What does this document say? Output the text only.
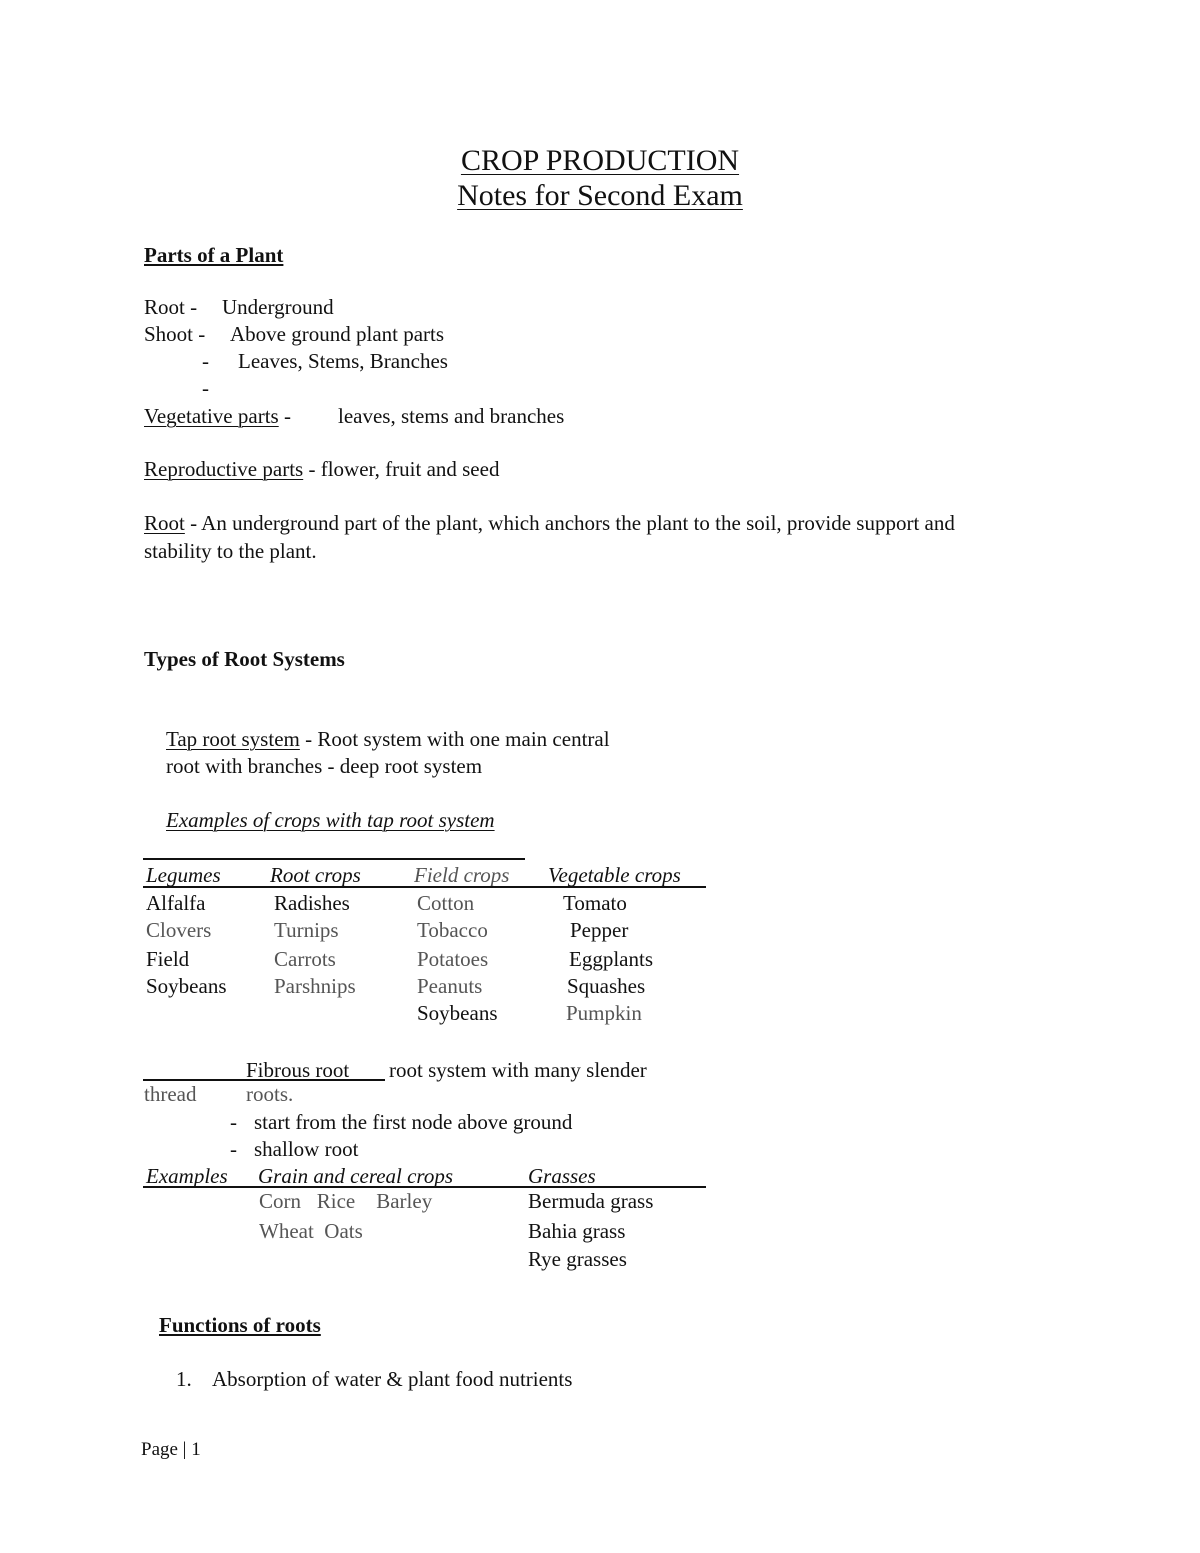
CROP PRODUCTION
Notes for Second Exam
Parts of a Plant
Root - Underground
Shoot - Above ground plant parts
- Leaves, Stems, Branches
-
Vegetative parts - leaves, stems and branches
Reproductive parts - flower, fruit and seed
Root - An underground part of the plant, which anchors the plant to the soil, provide support and
stability to the plant.
Types of Root Systems
Tap root system - Root system with one main central
root with branches - deep root system
Examples of crops with tap root system
Legumes Root crops	Field crops Vegetable crops
Alfalfa
Clovers
Field
Soybeans
Radishes
Turnips
Carrots
Parshnips
Cotton
Tobacco
Potatoes
Peanuts
Soybeans
Tomato
Pepper
Eggplants
Squashes
Pumpkin
Fibrous root root system with many slender
thread roots.
- start from the first node above ground
- shallow root
Examples Grain and cereal crops	Grasses
Corn   Rice    Barley
Wheat  Oats
Bermuda grass
Bahia grass
Rye grasses
Functions of roots
1. Absorption of water & plant food nutrients
Page | 1
